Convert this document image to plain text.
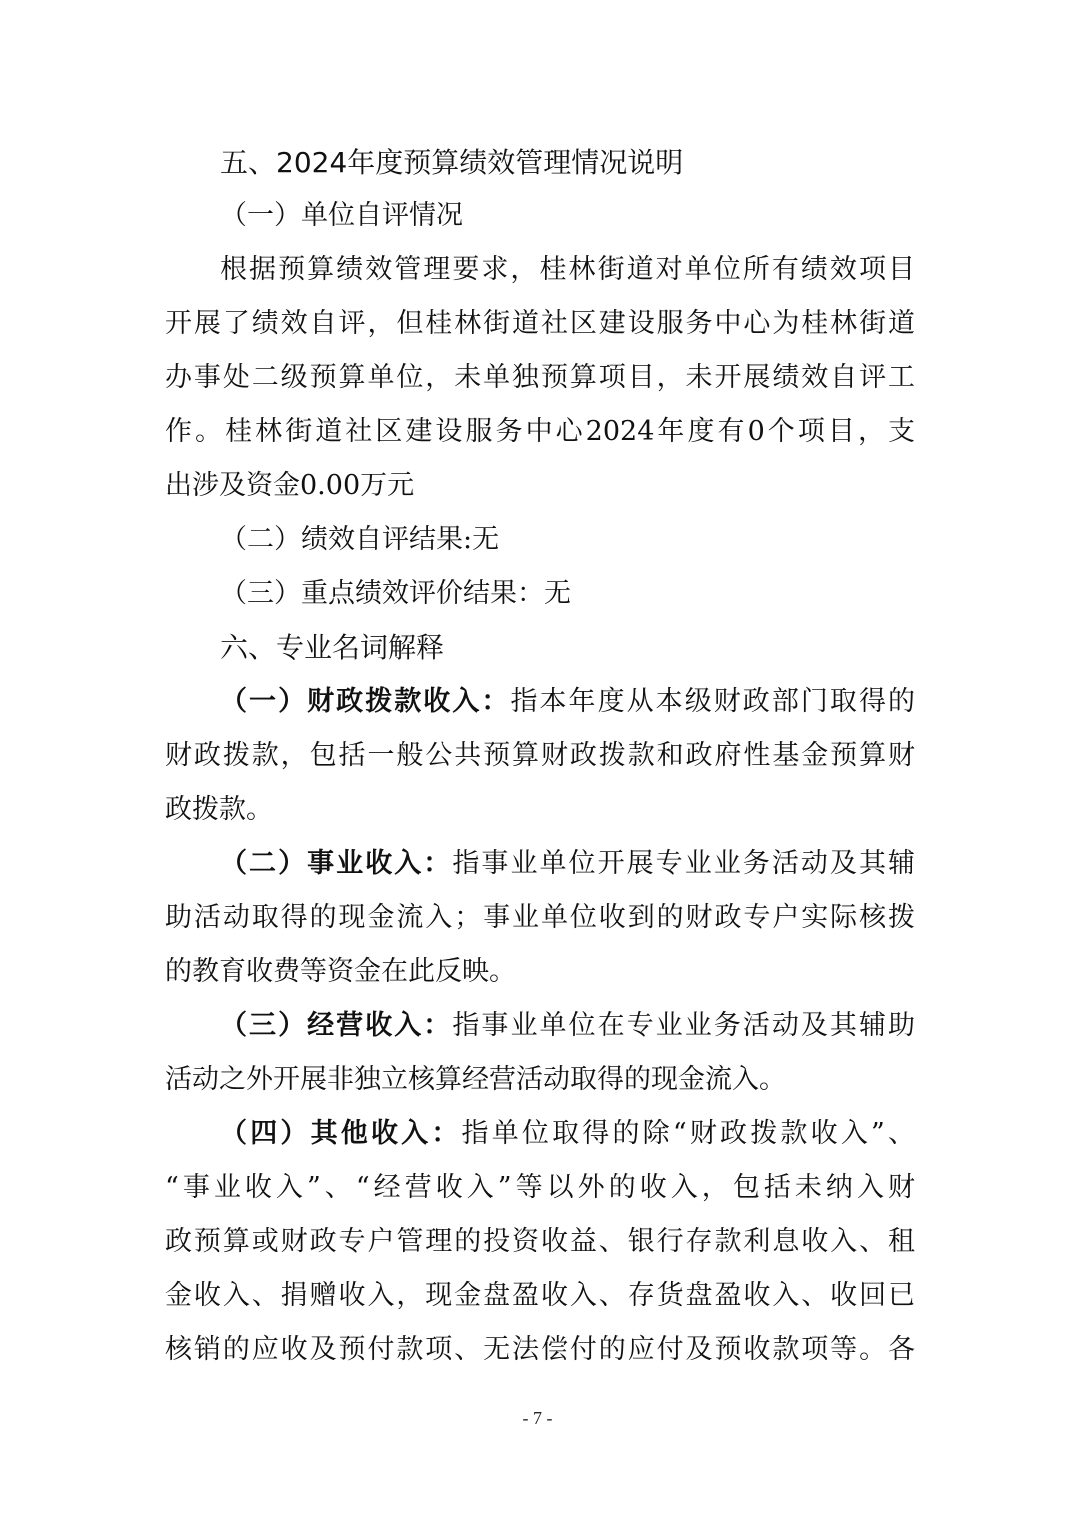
五、2024年度预算绩效管理情况说明
（一）单位自评情况
根据预算绩效管理要求，桂林街道对单位所有绩效项目
开展了绩效自评，但桂林街道社区建设服务中心为桂林街道
办事处二级预算单位，未单独预算项目，未开展绩效自评工
作。桂林街道社区建设服务中心2024年度有0个项目，支
出涉及资金0.00万元
（二）绩效自评结果:无
（三）重点绩效评价结果：无
六、专业名词解释
（一）财政拨款收入：指本年度从本级财政部门取得的
财政拨款，包括一般公共预算财政拨款和政府性基金预算财
政拨款。
（二）事业收入：指事业单位开展专业业务活动及其辅
助活动取得的现金流入；事业单位收到的财政专户实际核拨
的教育收费等资金在此反映。
（三）经营收入：指事业单位在专业业务活动及其辅助
活动之外开展非独立核算经营活动取得的现金流入。
（四）其他收入：指单位取得的除“财政拨款收入”、
“事业收入”、“经营收入”等以外的收入，包括未纳入财
政预算或财政专户管理的投资收益、银行存款利息收入、租
金收入、捐赠收入，现金盘盈收入、存货盘盈收入、收回已
核销的应收及预付款项、无法偿付的应付及预收款项等。各
- 7 -
